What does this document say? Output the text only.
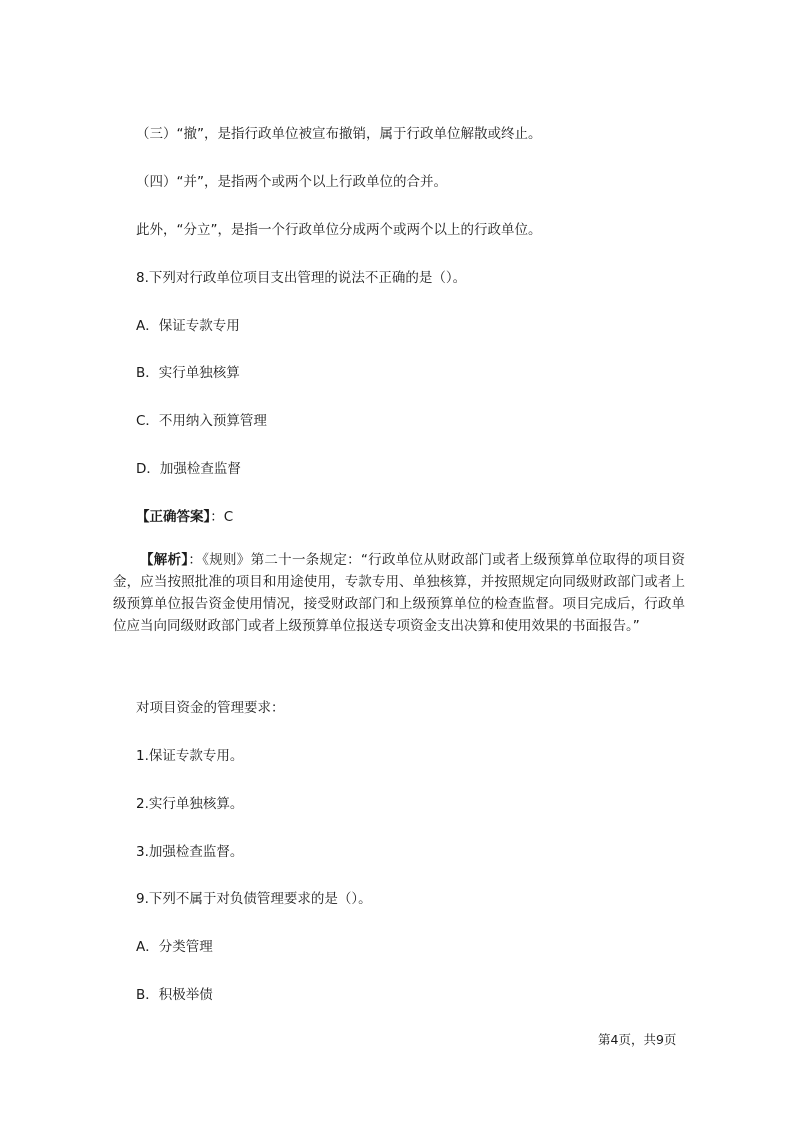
（三）“撤”，是指行政单位被宣布撤销，属于行政单位解散或终止。
（四）“并”，是指两个或两个以上行政单位的合并。
此外，“分立”，是指一个行政单位分成两个或两个以上的行政单位。
8.下列对行政单位项目支出管理的说法不正确的是（）。
A．保证专款专用
B．实行单独核算
C．不用纳入预算管理
D．加强检查监督
【正确答案】：C
【解析】：《规则》第二十一条规定：“行政单位从财政部门或者上级预算单位取得的项目资金，应当按照批准的项目和用途使用，专款专用、单独核算，并按照规定向同级财政部门或者上级预算单位报告资金使用情况，接受财政部门和上级预算单位的检查监督。项目完成后，行政单位应当向同级财政部门或者上级预算单位报送专项资金支出决算和使用效果的书面报告。”
对项目资金的管理要求：
1.保证专款专用。
2.实行单独核算。
3.加强检查监督。
9.下列不属于对负债管理要求的是（）。
A．分类管理
B．积极举债
第4页，共9页
